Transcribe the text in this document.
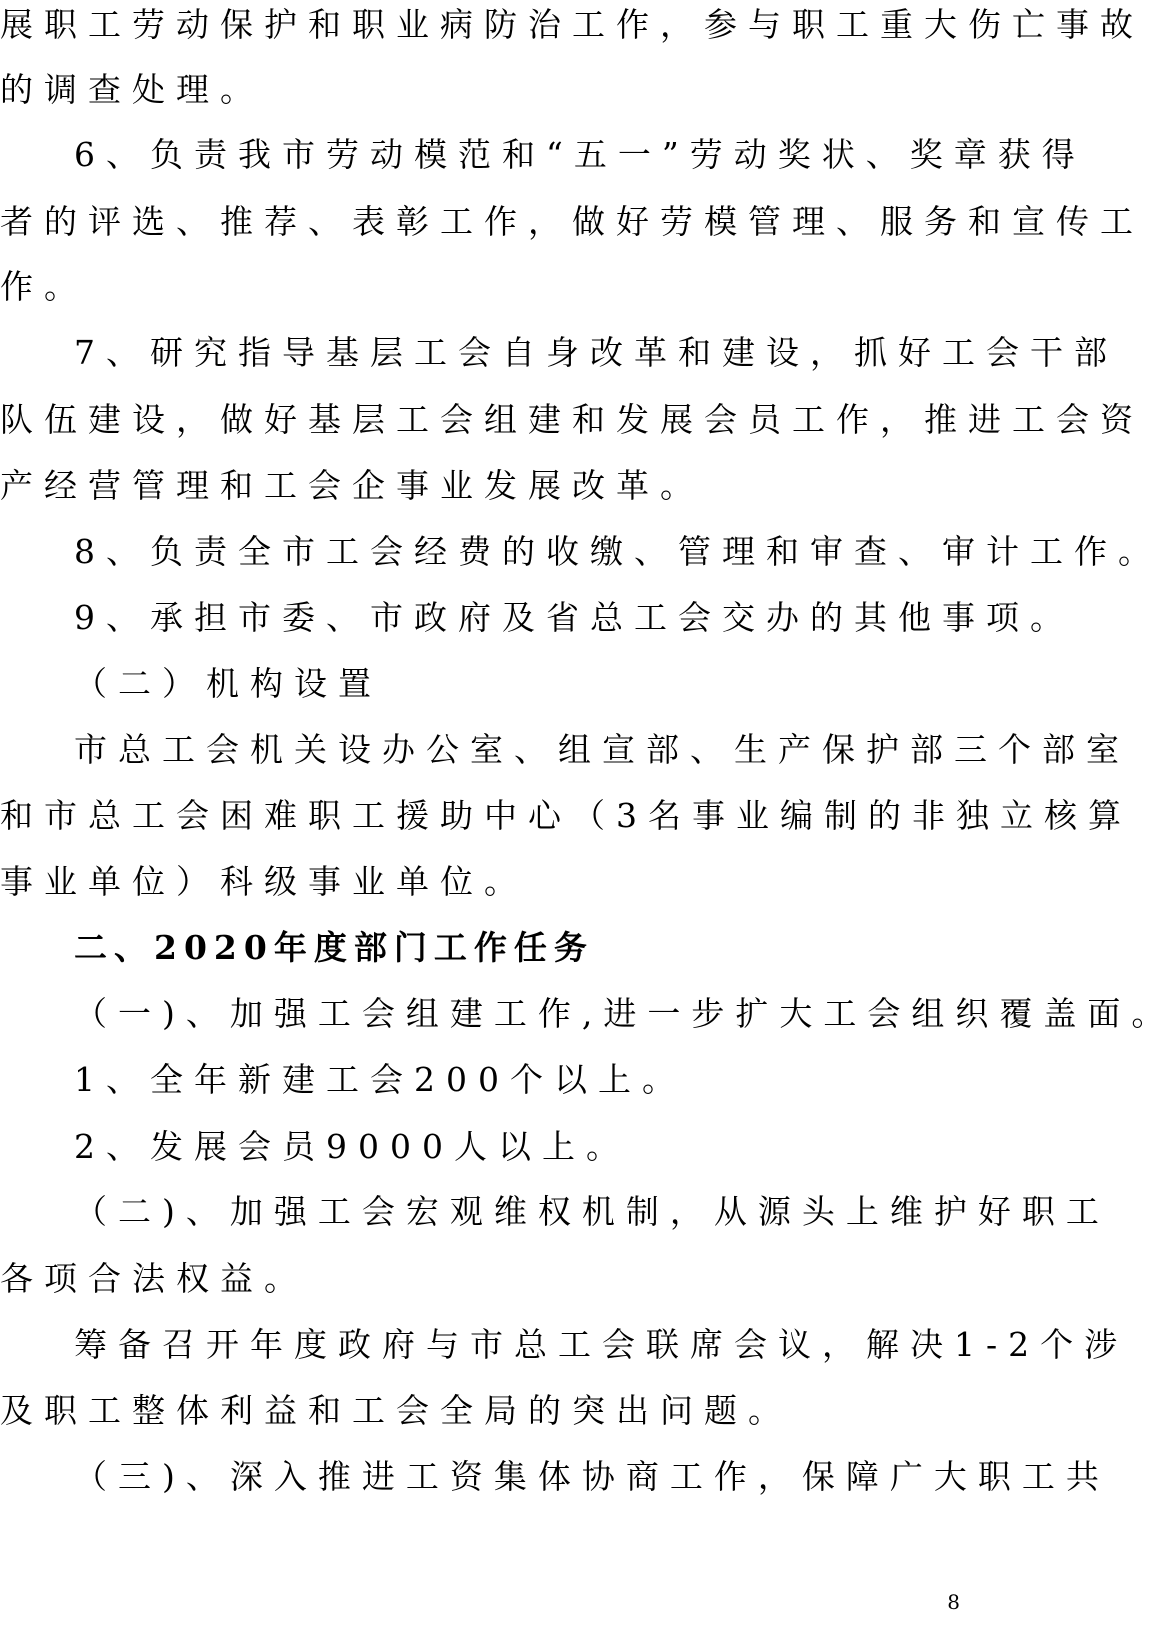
展职工劳动保护和职业病防治工作，参与职工重大伤亡事故
的调查处理。
6、负责我市劳动模范和“五一”劳动奖状、奖章获得
者的评选、推荐、表彰工作，做好劳模管理、服务和宣传工
作。
7、研究指导基层工会自身改革和建设，抓好工会干部
队伍建设，做好基层工会组建和发展会员工作，推进工会资
产经营管理和工会企事业发展改革。
8、负责全市工会经费的收缴、管理和审查、审计工作。
9、承担市委、市政府及省总工会交办的其他事项。
（二）机构设置
市总工会机关设办公室、组宣部、生产保护部三个部室
和市总工会困难职工援助中心（3名事业编制的非独立核算
事业单位）科级事业单位。
二、2020年度部门工作任务
（一)、加强工会组建工作,进一步扩大工会组织覆盖面。
1、全年新建工会200个以上。
2、发展会员9000人以上。
（二)、加强工会宏观维权机制，从源头上维护好职工
各项合法权益。
筹备召开年度政府与市总工会联席会议，解决1-2个涉
及职工整体利益和工会全局的突出问题。
（三)、深入推进工资集体协商工作，保障广大职工共
8
